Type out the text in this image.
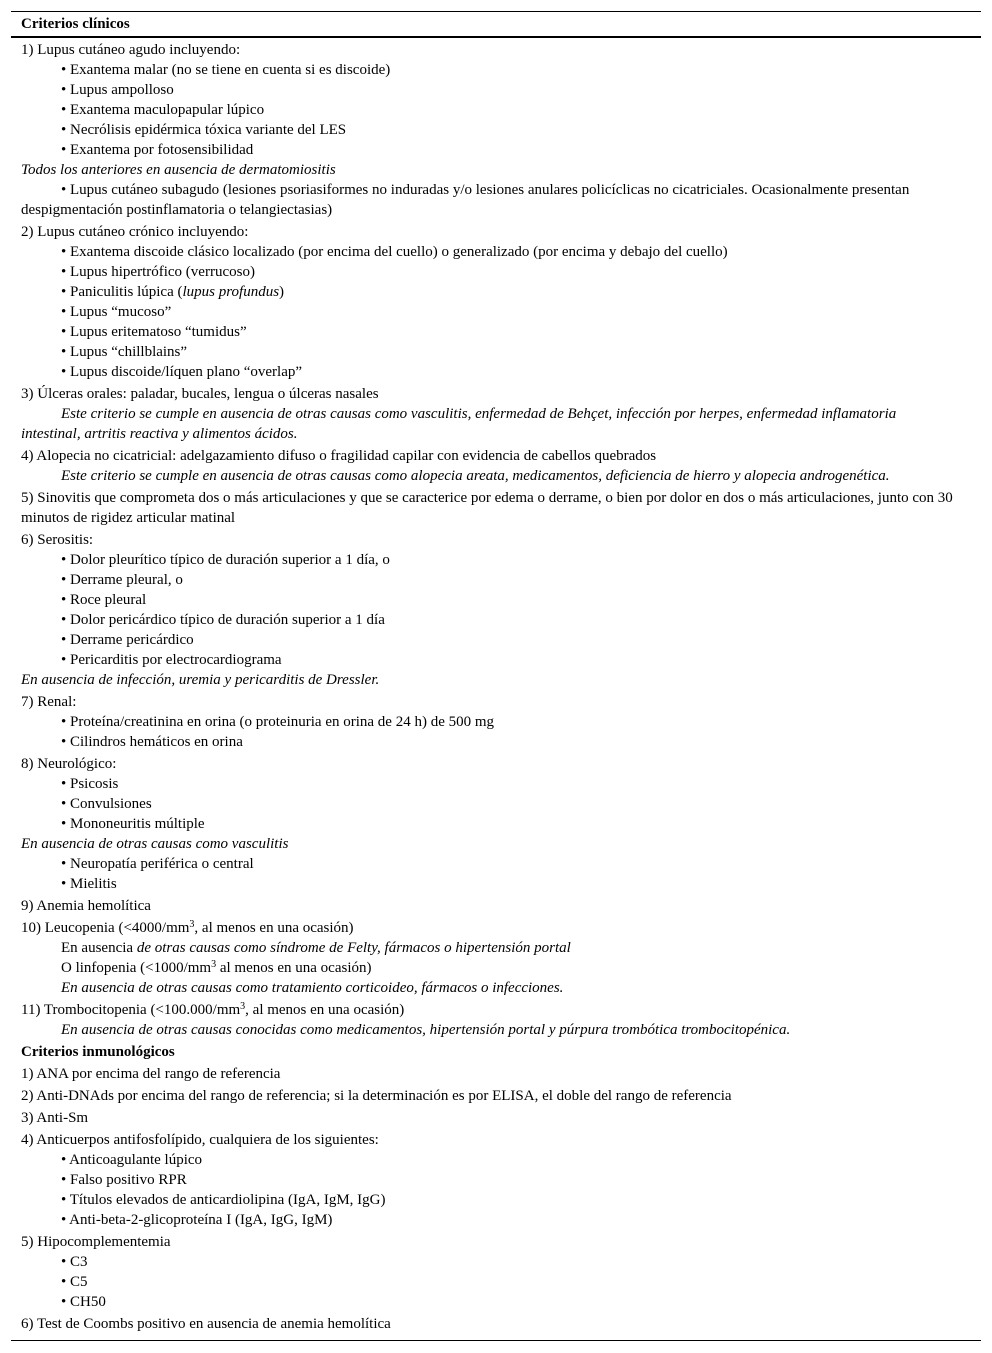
Criterios clínicos
1) Lupus cutáneo agudo incluyendo:
• Exantema malar (no se tiene en cuenta si es discoide)
• Lupus ampolloso
• Exantema maculopapular lúpico
• Necrólisis epidérmica tóxica variante del LES
• Exantema por fotosensibilidad
Todos los anteriores en ausencia de dermatomiositis
• Lupus cutáneo subagudo (lesiones psoriasiformes no induradas y/o lesiones anulares policíclicas no cicatriciales. Ocasionalmente presentan despigmentación postinflamatoria o telangiectasias)
2) Lupus cutáneo crónico incluyendo:
• Exantema discoide clásico localizado (por encima del cuello) o generalizado (por encima y debajo del cuello)
• Lupus hipertrófico (verrucoso)
• Paniculitis lúpica (lupus profundus)
• Lupus “mucoso”
• Lupus eritematoso “tumidus”
• Lupus “chillblains”
• Lupus discoide/líquen plano “overlap”
3) Úlceras orales: paladar, bucales, lengua o úlceras nasales
Este criterio se cumple en ausencia de otras causas como vasculitis, enfermedad de Behçet, infección por herpes, enfermedad inflamatoria intestinal, artritis reactiva y alimentos ácidos.
4) Alopecia no cicatricial: adelgazamiento difuso o fragilidad capilar con evidencia de cabellos quebrados
Este criterio se cumple en ausencia de otras causas como alopecia areata, medicamentos, deficiencia de hierro y alopecia androgenética.
5) Sinovitis que comprometa dos o más articulaciones y que se caracterice por edema o derrame, o bien por dolor en dos o más articulaciones, junto con 30 minutos de rigidez articular matinal
6) Serositis:
• Dolor pleurítico típico de duración superior a 1 día, o
• Derrame pleural, o
• Roce pleural
• Dolor pericárdico típico de duración superior a 1 día
• Derrame pericárdico
• Pericarditis por electrocardiograma
En ausencia de infección, uremia y pericarditis de Dressler.
7) Renal:
• Proteína/creatinina en orina (o proteinuria en orina de 24 h) de 500 mg
• Cilindros hemáticos en orina
8) Neurológico:
• Psicosis
• Convulsiones
• Mononeuritis múltiple
En ausencia de otras causas como vasculitis
• Neuropatía periférica o central
• Mielitis
9) Anemia hemolítica
10) Leucopenia ($<4000/mm^3$, al menos en una ocasión)
En ausencia de otras causas como síndrome de Felty, fármacos o hipertensión portal
O linfopenia ($<1000/mm^3$ al menos en una ocasión)
En ausencia de otras causas como tratamiento corticoideo, fármacos o infecciones.
11) Trombocitopenia ($<100.000/mm^3$, al menos en una ocasión)
En ausencia de otras causas conocidas como medicamentos, hipertensión portal y púrpura trombótica trombocitopénica.
Criterios inmunológicos
1) ANA por encima del rango de referencia
2) Anti-DNAds por encima del rango de referencia; si la determinación es por ELISA, el doble del rango de referencia
3) Anti-Sm
4) Anticuerpos antifosfolípido, cualquiera de los siguientes:
• Anticoagulante lúpico
• Falso positivo RPR
• Títulos elevados de anticardiolipina (IgA, IgM, IgG)
• Anti-beta-2-glicoproteína I (IgA, IgG, IgM)
5) Hipocomplementemia
• C3
• C5
• CH50
6) Test de Coombs positivo en ausencia de anemia hemolítica
